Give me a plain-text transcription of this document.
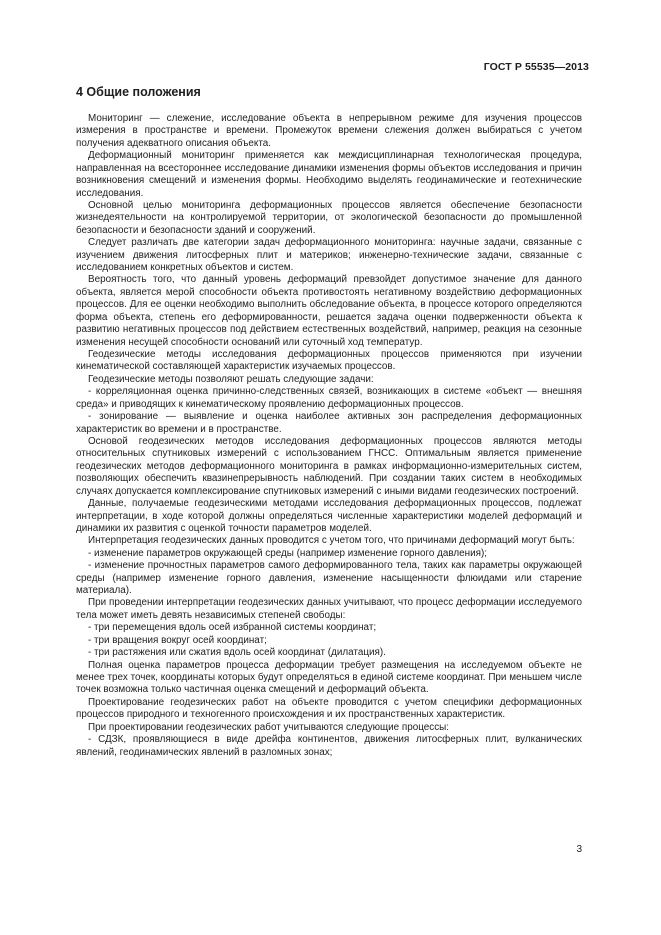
ГОСТ Р 55535—2013
4 Общие положения

Мониторинг — слежение, исследование объекта в непрерывном режиме для изучения процессов измерения в пространстве и времени. Промежуток времени слежения должен выбираться с учетом получения адекватного описания объекта.

Деформационный мониторинг применяется как междисциплинарная технологическая процедура, направленная на всестороннее исследование динамики изменения формы объектов исследования и причин возникновения смещений и изменения формы. Необходимо выделять геодинамические и геотехнические исследования.

Основной целью мониторинга деформационных процессов является обеспечение безопасности жизнедеятельности на контролируемой территории, от экологической безопасности до промышленной безопасности и безопасности зданий и сооружений.

Следует различать две категории задач деформационного мониторинга: научные задачи, связанные с изучением движения литосферных плит и материков; инженерно-технические задачи, связанные с исследованием конкретных объектов и систем.

Вероятность того, что данный уровень деформаций превзойдет допустимое значение для данного объекта, является мерой способности объекта противостоять негативному воздействию деформационных процессов. Для ее оценки необходимо выполнить обследование объекта, в процессе которого определяются форма объекта, степень его деформированности, решается задача оценки подверженности объекта к развитию негативных процессов под действием естественных воздействий, например, реакция на сезонные изменения несущей способности оснований или суточный ход температур.

Геодезические методы исследования деформационных процессов применяются при изучении кинематической составляющей характеристик изучаемых процессов.

Геодезические методы позволяют решать следующие задачи:

- корреляционная оценка причинно-следственных связей, возникающих в системе «объект — внешняя среда» и приводящих к кинематическому проявлению деформационных процессов.

- зонирование — выявление и оценка наиболее активных зон распределения деформационных характеристик во времени и в пространстве.

Основой геодезических методов исследования деформационных процессов являются методы относительных спутниковых измерений с использованием ГНСС. Оптимальным является применение геодезических методов деформационного мониторинга в рамках информационно-измерительных систем, позволяющих обеспечить квазинепрерывность наблюдений. При создании таких систем в необходимых случаях допускается комплексирование спутниковых измерений с иными видами геодезических построений.

Данные, получаемые геодезическими методами исследования деформационных процессов, подлежат интерпретации, в ходе которой должны определяться численные характеристики моделей деформаций и динамики их развития с оценкой точности параметров моделей.

Интерпретация геодезических данных проводится с учетом того, что причинами деформаций могут быть:

- изменение параметров окружающей среды (например изменение горного давления);

- изменение прочностных параметров самого деформированного тела, таких как параметры окружающей среды (например изменение горного давления, изменение насыщенности флюидами или старение материала).

При проведении интерпретации геодезических данных учитывают, что процесс деформации исследуемого тела может иметь девять независимых степеней свободы:

- три перемещения вдоль осей избранной системы координат;

- три вращения вокруг осей координат;

- три растяжения или сжатия вдоль осей координат (дилатация).

Полная оценка параметров процесса деформации требует размещения на исследуемом объекте не менее трех точек, координаты которых будут определяться в единой системе координат. При меньшем числе точек возможна только частичная оценка смещений и деформаций объекта.

Проектирование геодезических работ на объекте проводится с учетом специфики деформационных процессов природного и техногенного происхождения и их пространственных характеристик.

При проектировании геодезических работ учитываются следующие процессы:

- СДЗК, проявляющиеся в виде дрейфа континентов, движения литосферных плит, вулканических явлений, геодинамических явлений в разломных зонах;

3
